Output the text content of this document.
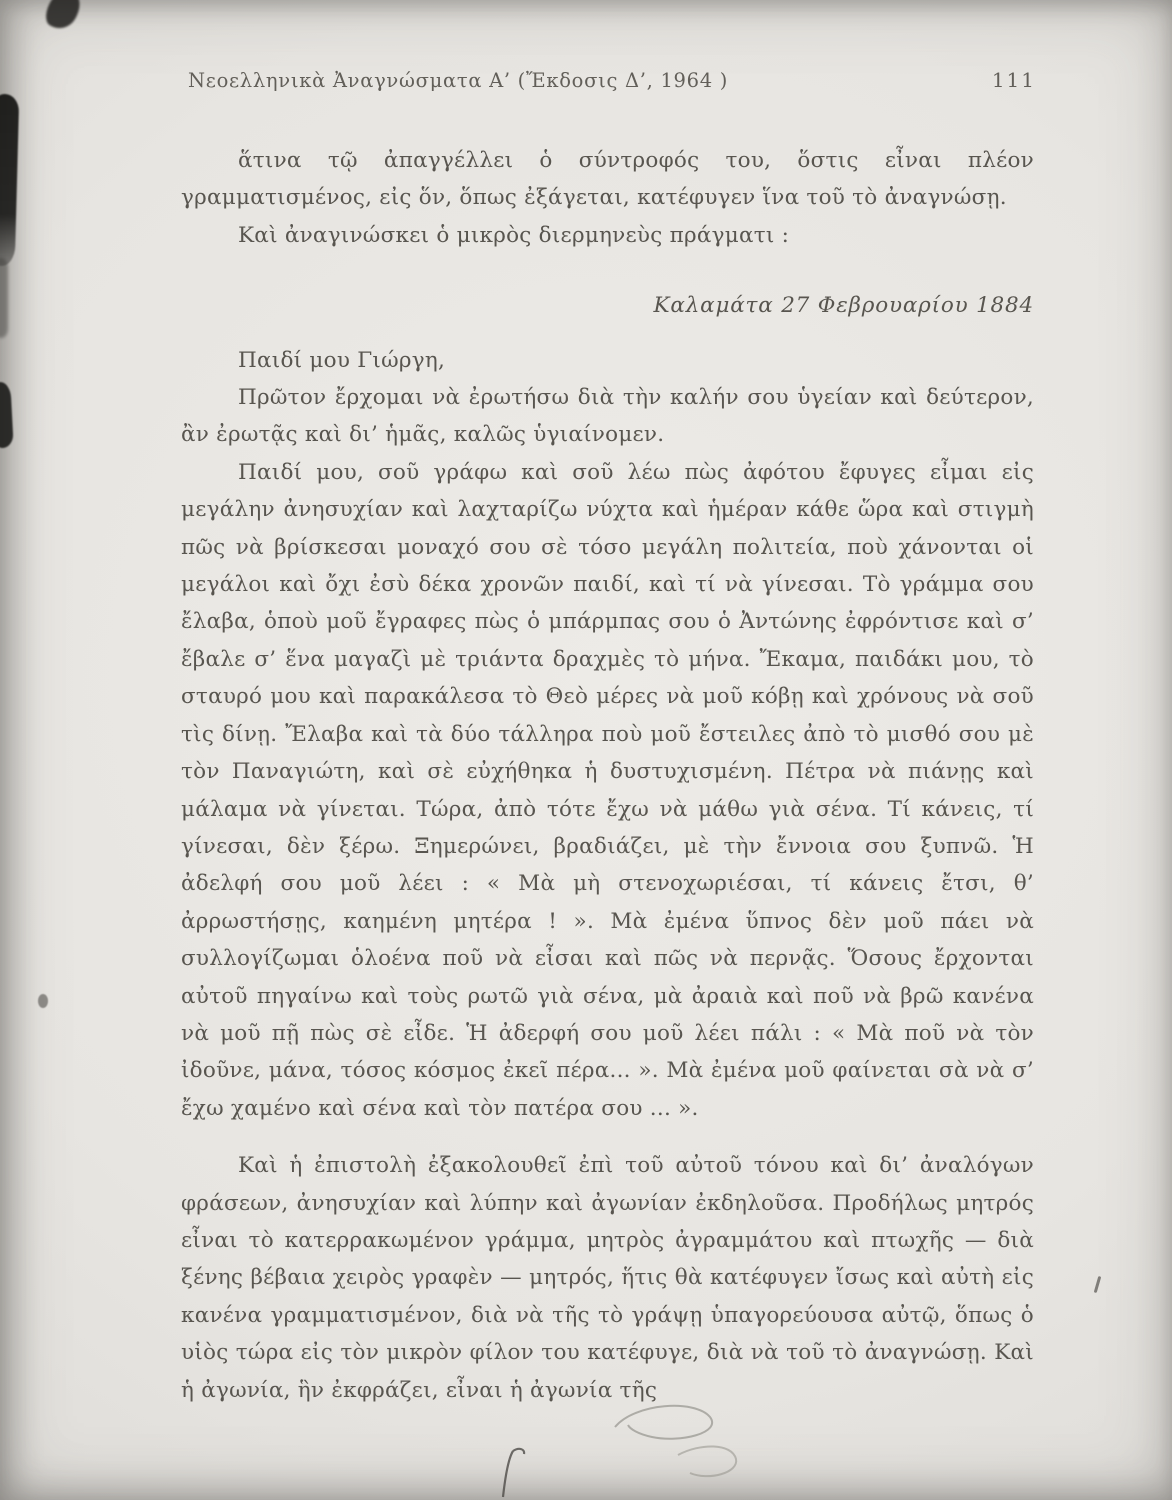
Νεοελληνικὰ Ἀναγνώσματα Α’ (Ἔκδοσις Δ’, 1964 )	111

ἅτινα τῷ ἀπαγγέλλει ὁ σύντροφός του, ὅστις εἶναι πλέον γραμματισμένος, εἰς ὅν, ὅπως ἐξάγεται, κατέφυγεν ἵνα τοῦ τὸ ἀναγνώσῃ.

Καὶ ἀναγινώσκει ὁ μικρὸς διερμηνεὺς πράγματι :

Καλαμάτα 27 Φεβρουαρίου 1884

Παιδί μου Γιώργη,

Πρῶτον ἔρχομαι νὰ ἐρωτήσω διὰ τὴν καλήν σου ὑγείαν καὶ δεύτερον, ἂν ἐρωτᾷς καὶ δι’ ἡμᾶς, καλῶς ὑγιαίνομεν.

Παιδί μου, σοῦ γράφω καὶ σοῦ λέω πὼς ἀφότου ἔφυγες εἶμαι εἰς μεγάλην ἀνησυχίαν καὶ λαχταρίζω νύχτα καὶ ἡμέραν κάθε ὥρα καὶ στιγμὴ πῶς νὰ βρίσκεσαι μοναχό σου σὲ τόσο μεγάλη πολιτεία, ποὺ χάνονται οἱ μεγάλοι καὶ ὄχι ἐσὺ δέκα χρονῶν παιδί, καὶ τί νὰ γίνεσαι. Τὸ γράμμα σου ἔλαβα, ὁποὺ μοῦ ἔγραφες πὼς ὁ μπάρμπας σου ὁ Ἀντώνης ἐφρόντισε καὶ σ’ ἔβαλε σ’ ἕνα μαγαζὶ μὲ τριάντα δραχμὲς τὸ μήνα. Ἔκαμα, παιδάκι μου, τὸ σταυρό μου καὶ παρακάλεσα τὸ Θεὸ μέρες νὰ μοῦ κόβῃ καὶ χρόνους νὰ σοῦ τὶς δίνῃ. Ἔλαβα καὶ τὰ δύο τάλληρα ποὺ μοῦ ἔστειλες ἀπὸ τὸ μισθό σου μὲ τὸν Παναγιώτη, καὶ σὲ εὐχήθηκα ἡ δυστυχισμένη. Πέτρα νὰ πιάνῃς καὶ μάλαμα νὰ γίνεται. Τώρα, ἀπὸ τότε ἔχω νὰ μάθω γιὰ σένα. Τί κάνεις, τί γίνεσαι, δὲν ξέρω. Ξημερώνει, βραδιάζει, μὲ τὴν ἔννοια σου ξυπνῶ. Ἡ ἀδελφή σου μοῦ λέει : « Μὰ μὴ στενοχωριέσαι, τί κάνεις ἔτσι, θ’ ἀρρωστήσῃς, καημένη μητέρα ! ». Μὰ ἐμένα ὕπνος δὲν μοῦ πάει νὰ συλλογίζωμαι ὁλοένα ποῦ νὰ εἶσαι καὶ πῶς νὰ περνᾷς. Ὅσους ἔρχονται αὐτοῦ πηγαίνω καὶ τοὺς ρωτῶ γιὰ σένα, μὰ ἀραιὰ καὶ ποῦ νὰ βρῶ κανένα νὰ μοῦ πῇ πὼς σὲ εἶδε. Ἡ ἀδερφή σου μοῦ λέει πάλι : « Μὰ ποῦ νὰ τὸν ἰδοῦνε, μάνα, τόσος κόσμος ἐκεῖ πέρα... ». Μὰ ἐμένα μοῦ φαίνεται σὰ νὰ σ’ ἔχω χαμένο καὶ σένα καὶ τὸν πατέρα σου ... ».

Καὶ ἡ ἐπιστολὴ ἐξακολουθεῖ ἐπὶ τοῦ αὐτοῦ τόνου καὶ δι’ ἀναλόγων φράσεων, ἀνησυχίαν καὶ λύπην καὶ ἀγωνίαν ἐκδηλοῦσα. Προδήλως μητρός εἶναι τὸ κατερρακωμένον γράμμα, μητρὸς ἀγραμμάτου καὶ πτωχῆς — διὰ ξένης βέβαια χειρὸς γραφὲν — μητρός, ἥτις θὰ κατέφυγεν ἴσως καὶ αὐτὴ εἰς κανένα γραμματισμένον, διὰ νὰ τῆς τὸ γράψῃ ὑπαγορεύουσα αὐτῷ, ὅπως ὁ υἱὸς τώρα εἰς τὸν μικρὸν φίλον του κατέφυγε, διὰ νὰ τοῦ τὸ ἀναγνώσῃ. Καὶ ἡ ἀγωνία, ἣν ἐκφράζει, εἶναι ἡ ἀγωνία τῆς
